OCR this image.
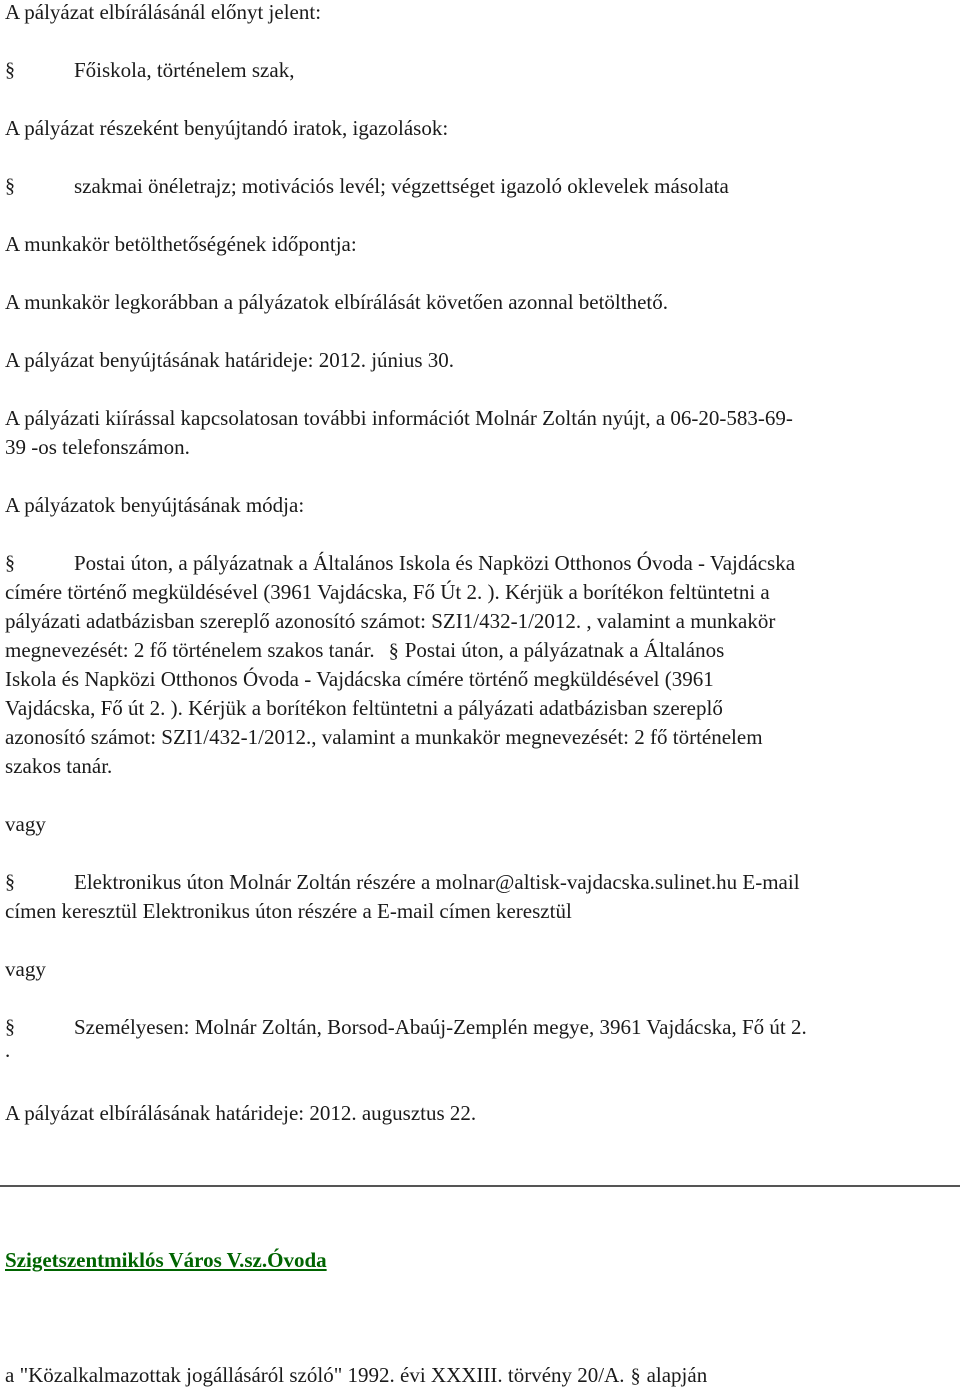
A pályázat elbírálásánál előnyt jelent:
§	Főiskola, történelem szak,
A pályázat részeként benyújtandó iratok, igazolások:
§	szakmai önéletrajz; motivációs levél; végzettséget igazoló oklevelek másolata
A munkakör betölthetőségének időpontja:
A munkakör legkorábban a pályázatok elbírálását követően azonnal betölthető.
A pályázat benyújtásának határideje: 2012. június 30.
A pályázati kiírással kapcsolatosan további információt Molnár Zoltán nyújt, a 06-20-583-69-
39 -os telefonszámon.
A pályázatok benyújtásának módja:
§	Postai úton, a pályázatnak a Általános Iskola és Napközi Otthonos Óvoda - Vajdácska
címére történő megküldésével (3961 Vajdácska, Fő Út 2. ). Kérjük a borítékon feltüntetni a
pályázati adatbázisban szereplő azonosító számot: SZI1/432-1/2012. , valamint a munkakör
megnevezését: 2 fő történelem szakos tanár. § Postai úton, a pályázatnak a Általános
Iskola és Napközi Otthonos Óvoda - Vajdácska címére történő megküldésével (3961
Vajdácska, Fő út 2. ). Kérjük a borítékon feltüntetni a pályázati adatbázisban szereplő
azonosító számot: SZI1/432-1/2012., valamint a munkakör megnevezését: 2 fő történelem
szakos tanár.
vagy
§	Elektronikus úton Molnár Zoltán részére a molnar@altisk-vajdacska.sulinet.hu E-mail
címen keresztül Elektronikus úton részére a E-mail címen keresztül
vagy
§	Személyesen: Molnár Zoltán, Borsod-Abaúj-Zemplén megye, 3961 Vajdácska, Fő út 2.
.
A pályázat elbírálásának határideje: 2012. augusztus 22.
Szigetszentmiklós Város V.sz.Óvoda
a "Közalkalmazottak jogállásáról szóló" 1992. évi XXXIII. törvény 20/A. § alapján
